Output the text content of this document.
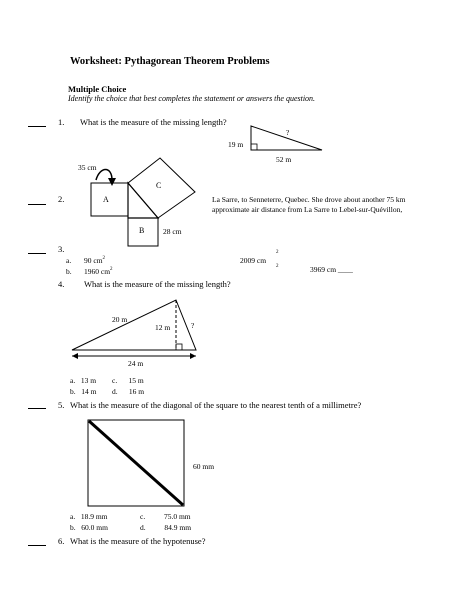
Worksheet: Pythagorean Theorem Problems
Multiple Choice
Identify the choice that best completes the statement or answers the question.
1. What is the measure of the missing length?
19 m
52 m
?
2.
35 cm
A
B
C
28 cm
La Sarre, to Senneterre, Quebec. She drove about another 75 km
approximate air distance from La Sarre to Lebel-sur-Quévillon,
3.
a. 90 $cm^2$	2009 cm
2
b. 1960 $cm^2$
2	3969 cm ____
4. What is the measure of the missing length?
20 m
12 m	?
24 m
a. 13 m c. 15 m
b. 14 m d. 16 m
5. What is the measure of the diagonal of the square to the nearest tenth of a millimetre?
60 mm
a. 18.9 mm	c.	75.0 mm
b. 60.0 mm	d.	84.9 mm
6. What is the measure of the hypotenuse?
